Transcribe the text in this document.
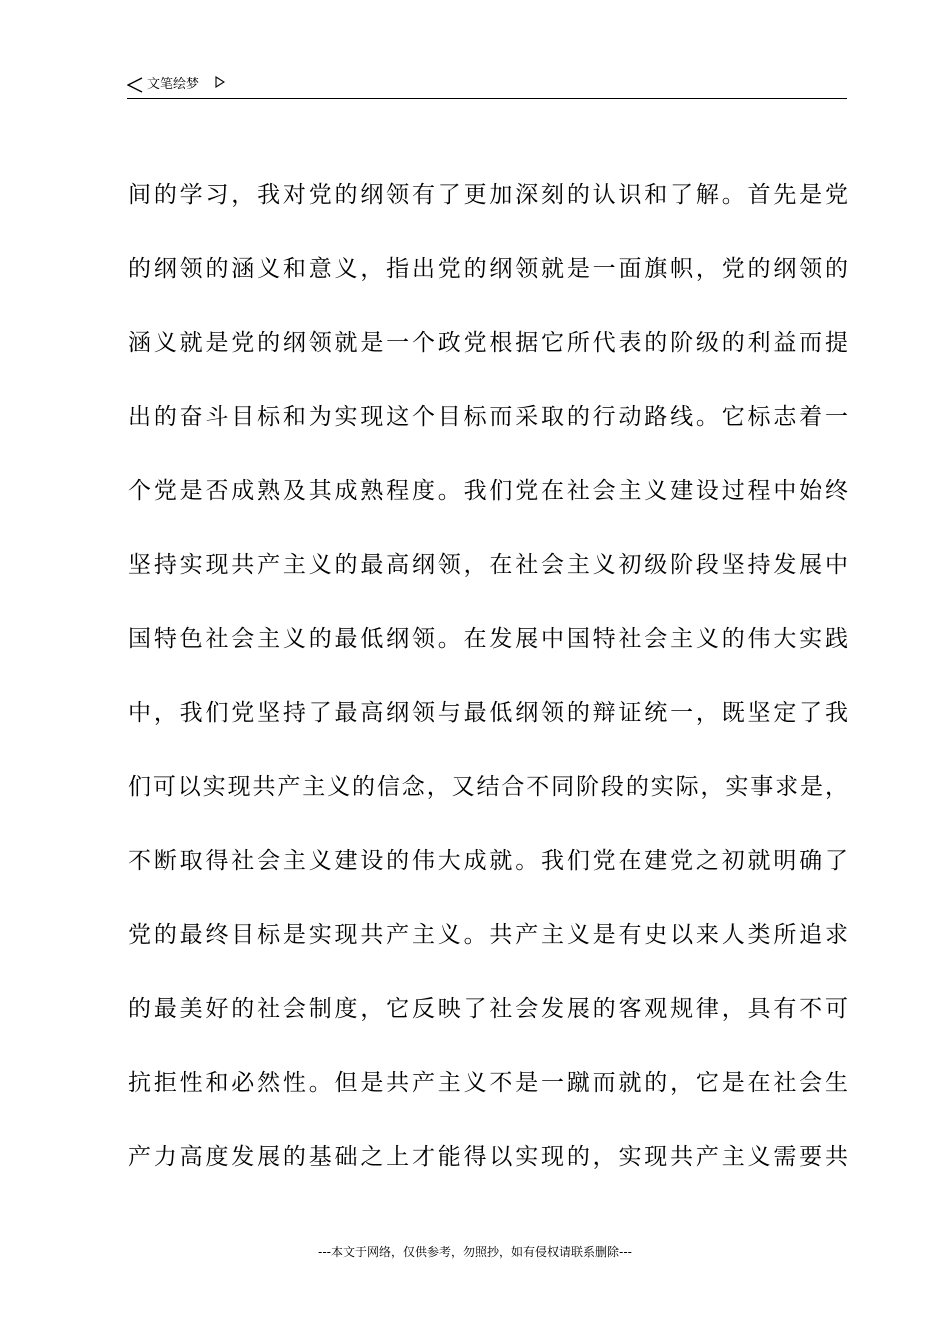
文笔绘梦
间 的 学 习 ， 我 对 党 的 纲 领 有 了 更 加 深 刻 的 认 识 和 了 解 。 首 先 是 党
的 纲 领 的 涵 义 和 意 义 ， 指 出 党 的 纲 领 就 是 一 面 旗 帜 ， 党 的 纲 领 的
涵 义 就 是 党 的 纲 领 就 是 一 个 政 党 根 据 它 所 代 表 的 阶 级 的 利 益 而 提
出 的 奋 斗 目 标 和 为 实 现 这 个 目 标 而 采 取 的 行 动 路 线 。 它 标 志 着 一
个 党 是 否 成 熟 及 其 成 熟 程 度 。 我 们 党 在 社 会 主 义 建 设 过 程 中 始 终
坚 持 实 现 共 产 主 义 的 最 高 纲 领 ， 在 社 会 主 义 初 级 阶 段 坚 持 发 展 中
国 特 色 社 会 主 义 的 最 低 纲 领 。 在 发 展 中 国 特 社 会 主 义 的 伟 大 实 践
中 ， 我 们 党 坚 持 了 最 高 纲 领 与 最 低 纲 领 的 辩 证 统 一 ， 既 坚 定 了 我
们 可 以 实 现 共 产 主 义 的 信 念 ， 又 结 合 不 同 阶 段 的 实 际 ， 实 事 求 是 ，
不 断 取 得 社 会 主 义 建 设 的 伟 大 成 就 。 我 们 党 在 建 党 之 初 就 明 确 了
党 的 最 终 目 标 是 实 现 共 产 主 义 。 共 产 主 义 是 有 史 以 来 人 类 所 追 求
的 最 美 好 的 社 会 制 度 ， 它 反 映 了 社 会 发 展 的 客 观 规 律 ， 具 有 不 可
抗 拒 性 和 必 然 性 。 但 是 共 产 主 义 不 是 一 蹴 而 就 的 ， 它 是 在 社 会 生
产 力 高 度 发 展 的 基 础 之 上 才 能 得 以 实 现 的 ， 实 现 共 产 主 义 需 要 共
---本文于网络，仅供参考，勿照抄，如有侵权请联系删除---
